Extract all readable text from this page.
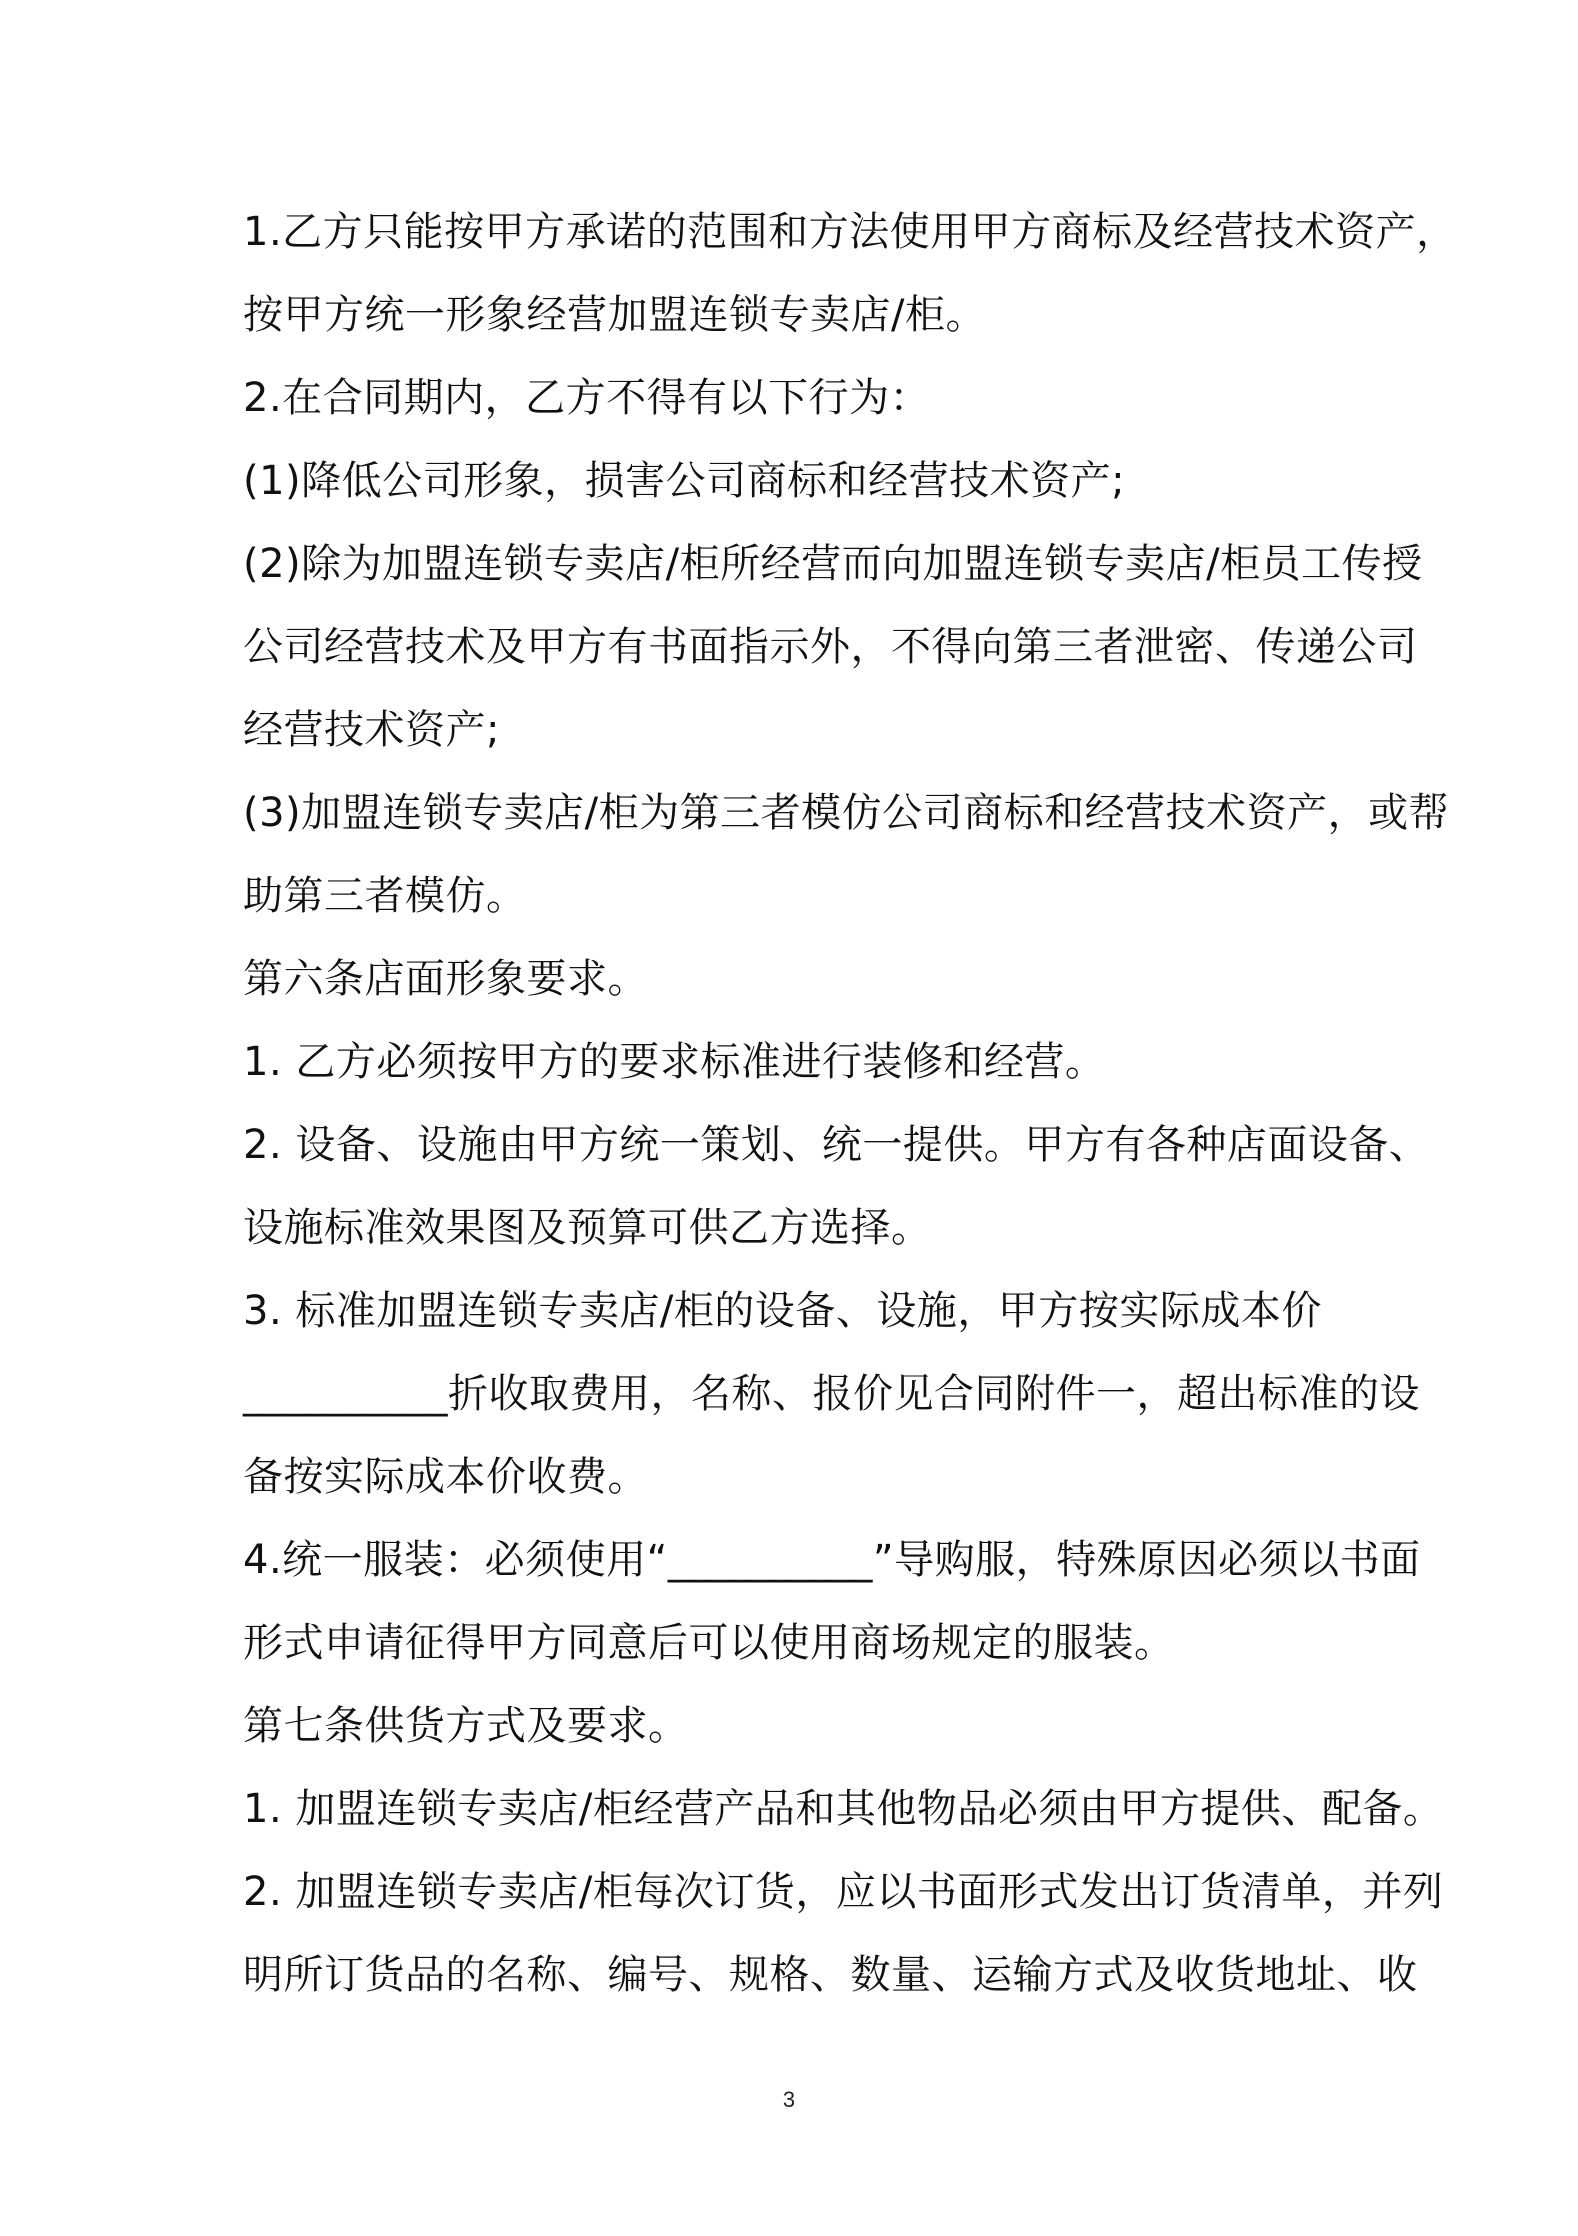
1.乙方只能按甲方承诺的范围和方法使用甲方商标及经营技术资产，
按甲方统一形象经营加盟连锁专卖店/柜。
2.在合同期内，乙方不得有以下行为：
(1)降低公司形象，损害公司商标和经营技术资产;
(2)除为加盟连锁专卖店/柜所经营而向加盟连锁专卖店/柜员工传授
公司经营技术及甲方有书面指示外，不得向第三者泄密、传递公司
经营技术资产;
(3)加盟连锁专卖店/柜为第三者模仿公司商标和经营技术资产，或帮
助第三者模仿。
第六条店面形象要求。
1. 乙方必须按甲方的要求标准进行装修和经营。
2. 设备、设施由甲方统一策划、统一提供。甲方有各种店面设备、
设施标准效果图及预算可供乙方选择。
3. 标准加盟连锁专卖店/柜的设备、设施，甲方按实际成本价
__________折收取费用，名称、报价见合同附件一，超出标准的设
备按实际成本价收费。
4.统一服装：必须使用“__________”导购服，特殊原因必须以书面
形式申请征得甲方同意后可以使用商场规定的服装。
第七条供货方式及要求。
1. 加盟连锁专卖店/柜经营产品和其他物品必须由甲方提供、配备。
2. 加盟连锁专卖店/柜每次订货，应以书面形式发出订货清单，并列
明所订货品的名称、编号、规格、数量、运输方式及收货地址、收
3
